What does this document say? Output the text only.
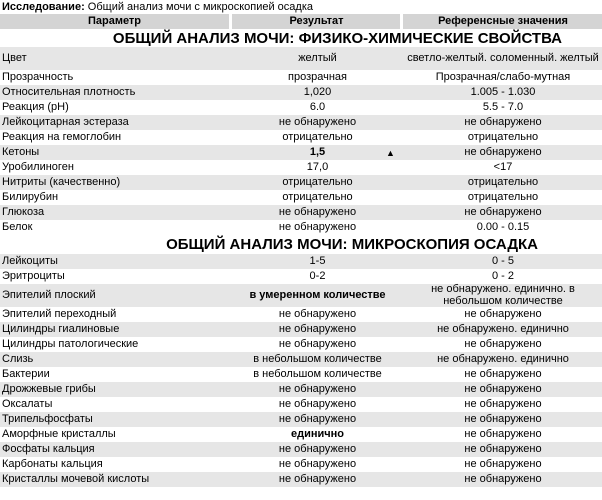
Исследование: Общий анализ мочи с микроскопией осадка
Параметр	Результат	Референсные значения
ОБЩИЙ АНАЛИЗ МОЧИ: ФИЗИКО-ХИМИЧЕСКИЕ СВОЙСТВА
Цвет	желтый	светло-желтый. соломенный. желтый
Прозрачность	прозрачная	Прозрачная/слабо-мутная
Относительная плотность	1,020	1.005 - 1.030
Реакция (pH)	6.0	5.5 - 7.0
Лейкоцитарная эстераза	не обнаружено	не обнаружено
Реакция на гемоглобин	отрицательно	отрицательно
Кетоны	1,5	не обнаружено
▲
Уробилиноген	17,0	<17
Нитриты (качественно)	отрицательно	отрицательно
Билирубин	отрицательно	отрицательно
Глюкоза	не обнаружено	не обнаружено
Белок	не обнаружено	0.00 - 0.15
ОБЩИЙ АНАЛИЗ МОЧИ: МИКРОСКОПИЯ ОСАДКА
Лейкоциты	1-5	0 - 5
Эритроциты	0-2	0 - 2
Эпителий плоский	в умеренном количестве	не обнаружено. единично. в небольшом количестве
Эпителий переходный	не обнаружено	не обнаружено
Цилиндры гиалиновые	не обнаружено	не обнаружено. единично
Цилиндры патологические	не обнаружено	не обнаружено
Слизь	в небольшом количестве	не обнаружено. единично
Бактерии	в небольшом количестве	не обнаружено
Дрожжевые грибы	не обнаружено	не обнаружено
Оксалаты	не обнаружено	не обнаружено
Трипельфосфаты	не обнаружено	не обнаружено
Аморфные кристаллы	единично	не обнаружено
Фосфаты кальция	не обнаружено	не обнаружено
Карбонаты кальция	не обнаружено	не обнаружено
Кристаллы мочевой кислоты	не обнаружено	не обнаружено
